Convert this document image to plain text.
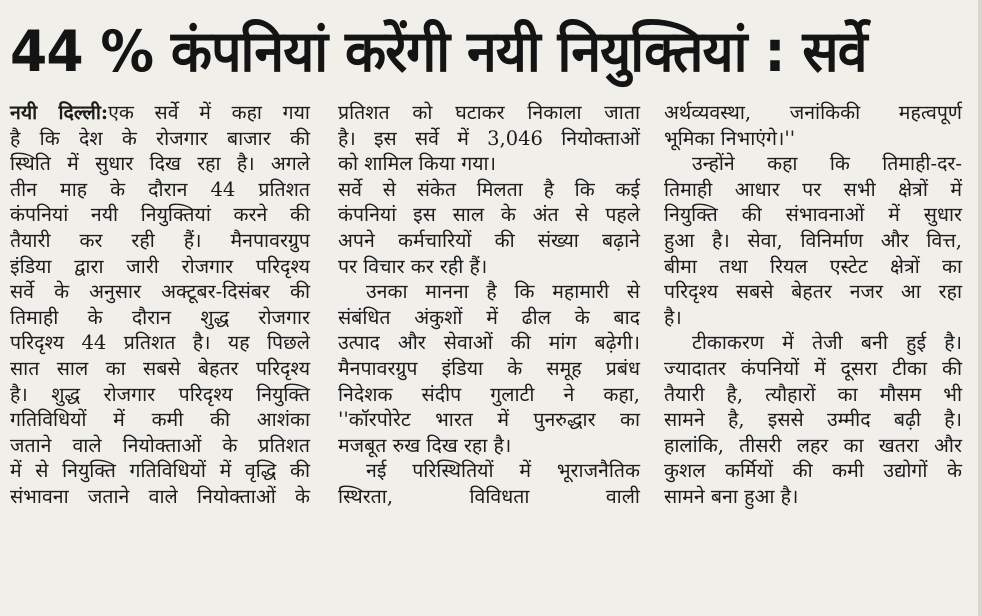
44 % कंपनियां करेंगी नयी नियुक्तियां : सर्वे
नयी दिल्ली:एक सर्वे में कहा गया
है कि देश के रोजगार बाजार की
स्थिति में सुधार दिख रहा है। अगले
तीन माह के दौरान 44 प्रतिशत
कंपनियां नयी नियुक्तियां करने की
तैयारी कर रही हैं। मैनपावरग्रुप
इंडिया द्वारा जारी रोजगार परिदृश्य
सर्वे के अनुसार अक्टूबर-दिसंबर की
तिमाही के दौरान शुद्ध रोजगार
परिदृश्य 44 प्रतिशत है। यह पिछले
सात साल का सबसे बेहतर परिदृश्य
है। शुद्ध रोजगार परिदृश्य नियुक्ति
गतिविधियों में कमी की आशंका
जताने वाले नियोक्ताओं के प्रतिशत
में से नियुक्ति गतिविधियों में वृद्धि की
संभावना जताने वाले नियोक्ताओं के
प्रतिशत को घटाकर निकाला जाता
है। इस सर्वे में 3,046 नियोक्ताओं
को शामिल किया गया।
सर्वे से संकेत मिलता है कि कई
कंपनियां इस साल के अंत से पहले
अपने कर्मचारियों की संख्या बढ़ाने
पर विचार कर रही हैं।
उनका मानना है कि महामारी से
संबंधित अंकुशों में ढील के बाद
उत्पाद और सेवाओं की मांग बढ़ेगी।
मैनपावरग्रुप इंडिया के समूह प्रबंध
निदेशक संदीप गुलाटी ने कहा,
''कॉरपोरेट भारत में पुनरुद्धार का
मजबूत रुख दिख रहा है।
नई परिस्थितियों में भूराजनैतिक
स्थिरता, विविधता वाली
अर्थव्यवस्था, जनांकिकी महत्वपूर्ण
भूमिका निभाएंगे।''
उन्होंने कहा कि तिमाही-दर-
तिमाही आधार पर सभी क्षेत्रों में
नियुक्ति की संभावनाओं में सुधार
हुआ है। सेवा, विनिर्माण और वित्त,
बीमा तथा रियल एस्टेट क्षेत्रों का
परिदृश्य सबसे बेहतर नजर आ रहा
है।
टीकाकरण में तेजी बनी हुई है।
ज्यादातर कंपनियों में दूसरा टीका की
तैयारी है, त्यौहारों का मौसम भी
सामने है, इससे उम्मीद बढ़ी है।
हालांकि, तीसरी लहर का खतरा और
कुशल कर्मियों की कमी उद्योगों के
सामने बना हुआ है।
